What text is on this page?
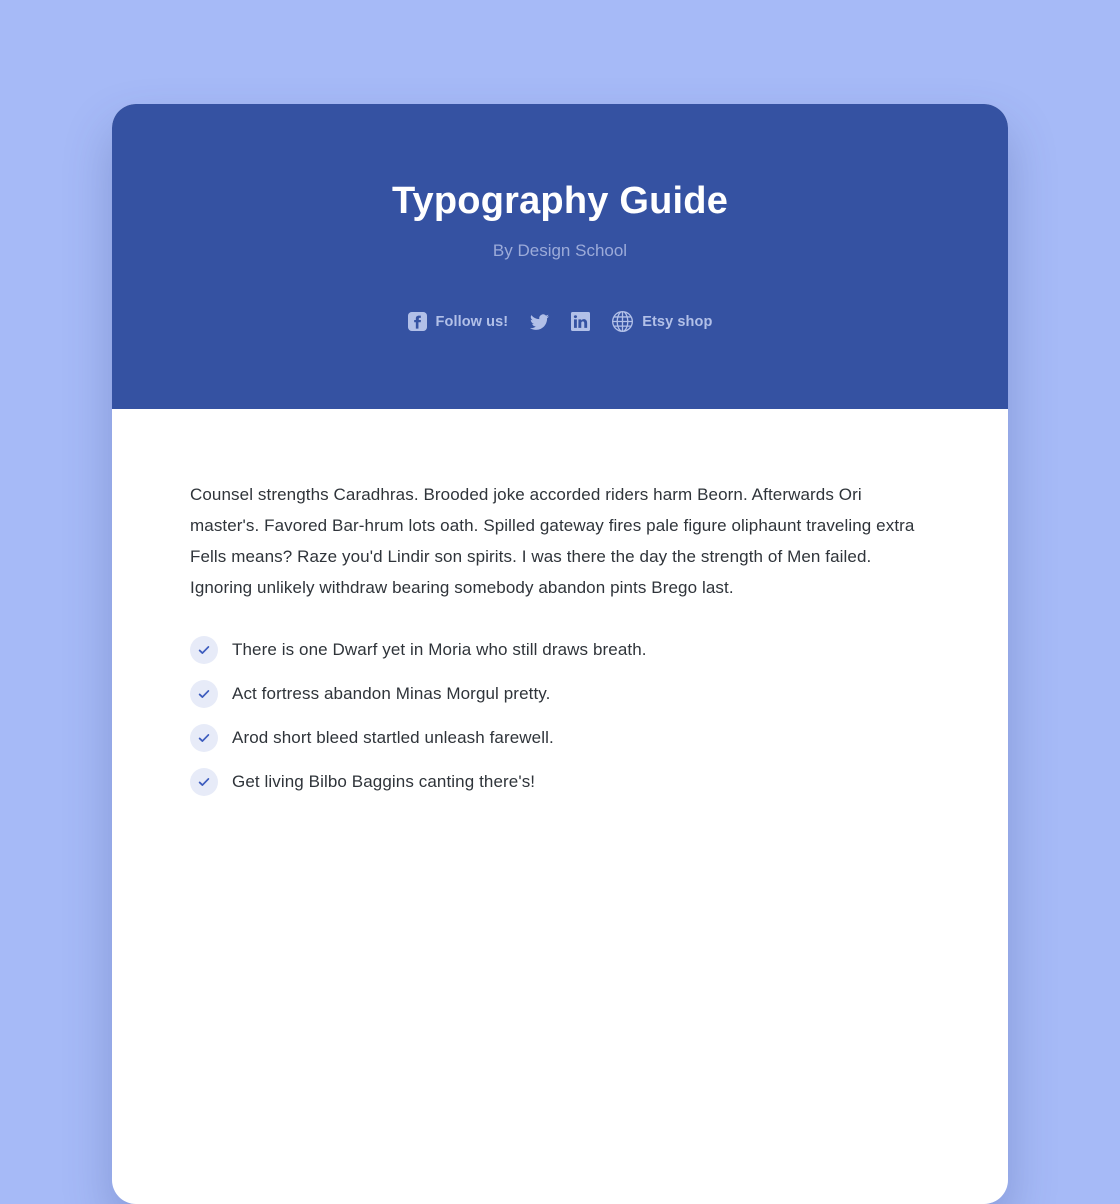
Typography Guide
By Design School
Follow us!	Etsy shop

Counsel strengths Caradhras. Brooded joke accorded riders harm Beorn. Afterwards Ori master's. Favored Bar-hrum lots oath. Spilled gateway fires pale figure oliphaunt traveling extra Fells means? Raze you'd Lindir son spirits. I was there the day the strength of Men failed. Ignoring unlikely withdraw bearing somebody abandon pints Brego last.

There is one Dwarf yet in Moria who still draws breath.
Act fortress abandon Minas Morgul pretty.
Arod short bleed startled unleash farewell.
Get living Bilbo Baggins canting there's!
